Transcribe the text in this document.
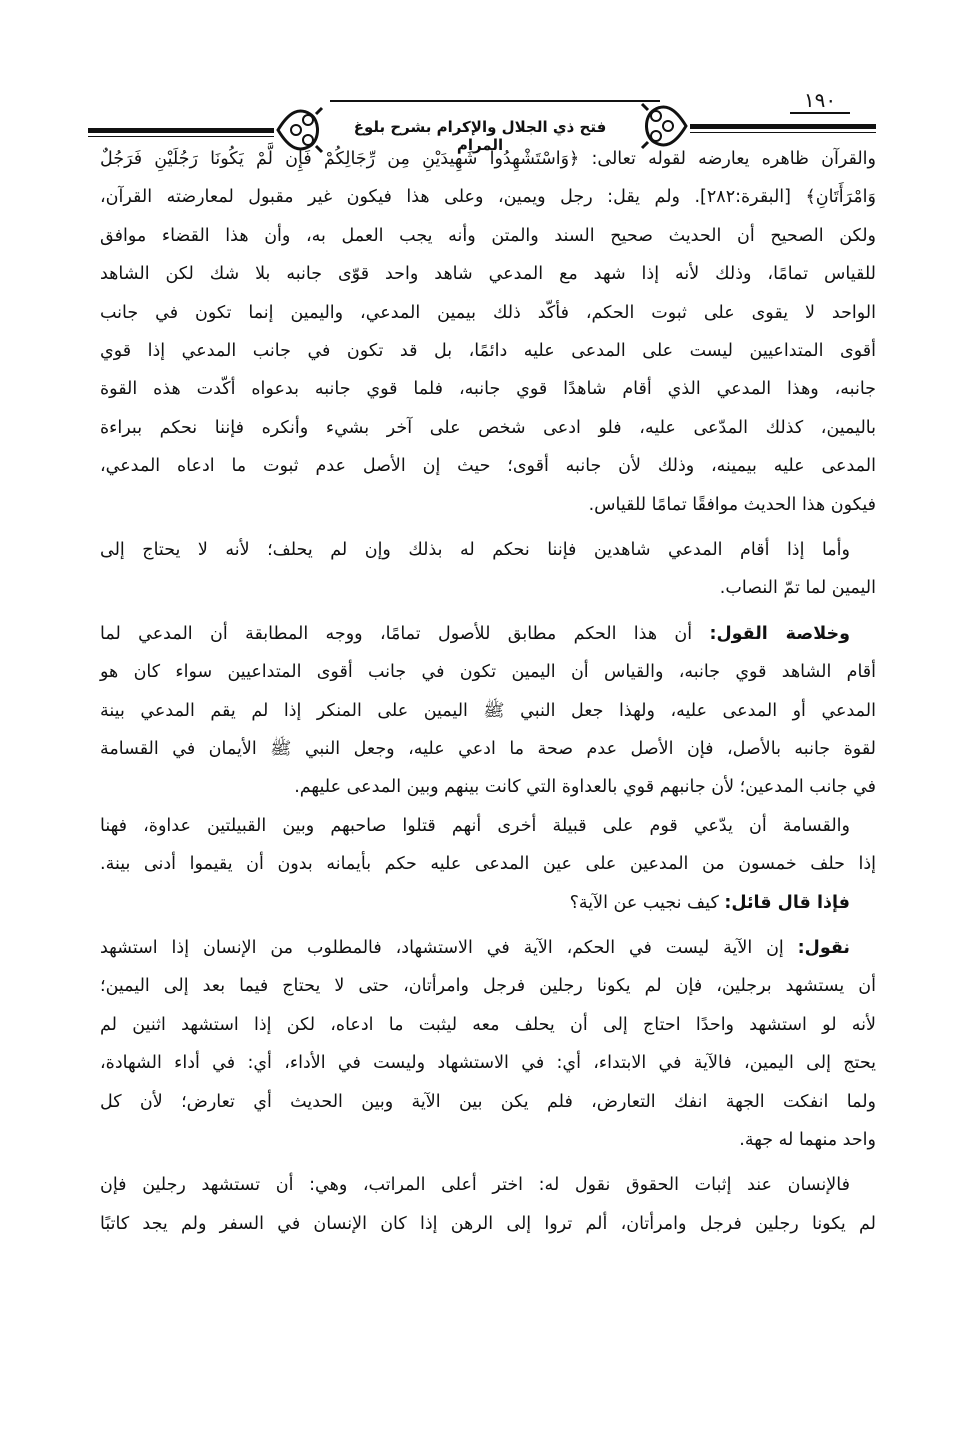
١٩٠
فتح ذي الجلال والإكرام بشرح بلوغ المرام
والقرآن ظاهره يعارضه لقوله تعالى: ﴿وَاسْتَشْهِدُوا شَهِيدَيْنِ مِن رِّجَالِكُمْ فَإِن لَّمْ يَكُونَا رَجُلَيْنِ فَرَجُلٌ
وَامْرَأَتَانِ﴾ [البقرة:٢٨٢]. ولم يقل: رجل ويمين، وعلى هذا فيكون غير مقبول لمعارضته القرآن،
ولكن الصحيح أن الحديث صحيح السند والمتن وأنه يجب العمل به، وأن هذا القضاء موافق
للقياس تمامًا، وذلك لأنه إذا شهد مع المدعي شاهد واحد قوّى جانبه بلا شك لكن الشاهد
الواحد لا يقوى على ثبوت الحكم، فأكّد ذلك بيمين المدعي، واليمين إنما تكون في جانب
أقوى المتداعيين ليست على المدعى عليه دائمًا، بل قد تكون في جانب المدعي إذا قوي
جانبه، وهذا المدعي الذي أقام شاهدًا قوي جانبه، فلما قوي جانبه بدعواه أكّدت هذه القوة
باليمين، كذلك المدّعى عليه، فلو ادعى شخص على آخر بشيء وأنكره فإننا نحكم ببراءة
المدعى عليه بيمينه، وذلك لأن جانبه أقوى؛ حيث إن الأصل عدم ثبوت ما ادعاه المدعي،
فيكون هذا الحديث موافقًا تمامًا للقياس.
وأما إذا أقام المدعي شاهدين فإننا نحكم له بذلك وإن لم يحلف؛ لأنه لا يحتاج إلى
اليمين لما تمّ النصاب.
وخلاصة القول: أن هذا الحكم مطابق للأصول تمامًا، ووجه المطابقة أن المدعي لما
أقام الشاهد قوي جانبه، والقياس أن اليمين تكون في جانب أقوى المتداعيين سواء كان هو
المدعي أو المدعى عليه، ولهذا جعل النبي ﷺ اليمين على المنكر إذا لم يقم المدعي بينة
لقوة جانبه بالأصل، فإن الأصل عدم صحة ما ادعي عليه، وجعل النبي ﷺ الأيمان في القسامة
في جانب المدعين؛ لأن جانبهم قوي بالعداوة التي كانت بينهم وبين المدعى عليهم.
والقسامة أن يدّعي قوم على قبيلة أخرى أنهم قتلوا صاحبهم وبين القبيلتين عداوة، فهنا
إذا حلف خمسون من المدعين على عين المدعى عليه حكم بأيمانه بدون أن يقيموا أدنى بينة.
فإذا قال قائل: كيف نجيب عن الآية؟
نقول: إن الآية ليست في الحكم، الآية في الاستشهاد، فالمطلوب من الإنسان إذا استشهد
أن يستشهد برجلين، فإن لم يكونا رجلين فرجل وامرأتان، حتى لا يحتاج فيما بعد إلى اليمين؛
لأنه لو استشهد واحدًا احتاج إلى أن يحلف معه ليثبت ما ادعاه، لكن إذا استشهد اثنين لم
يحتج إلى اليمين، فالآية في الابتداء، أي: في الاستشهاد وليست في الأداء، أي: في أداء الشهادة،
ولما انفكت الجهة انفك التعارض، فلم يكن بين الآية وبين الحديث أي تعارض؛ لأن كل
واحد منهما له جهة.
فالإنسان عند إثبات الحقوق نقول له: اختر أعلى المراتب، وهي: أن تستشهد رجلين فإن
لم يكونا رجلين فرجل وامرأتان، ألم تروا إلى الرهن إذا كان الإنسان في السفر ولم يجد كاتبًا
